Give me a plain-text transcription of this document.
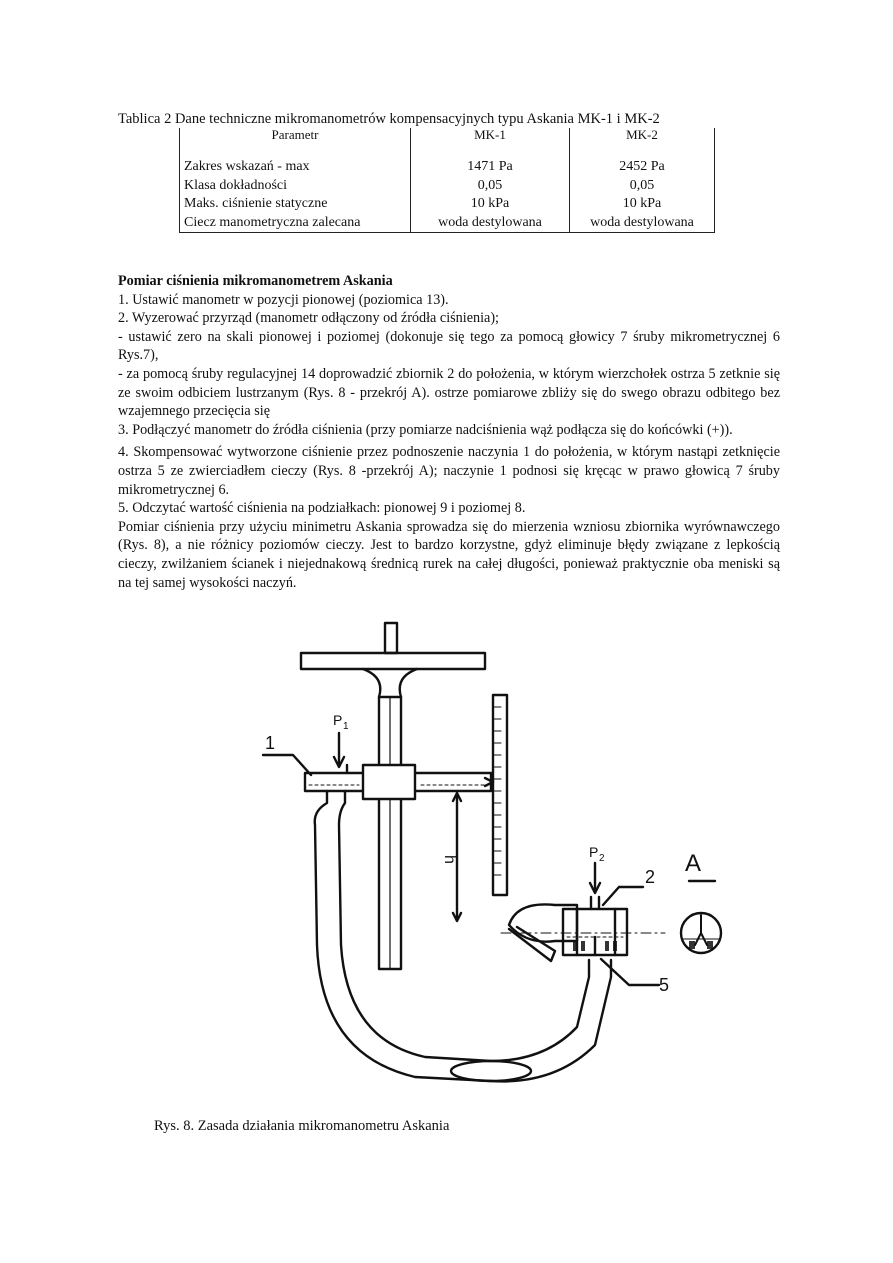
Tablica 2 Dane techniczne mikromanometrów kompensacyjnych typu Askania MK-1 i MK-2
Parametr	MK-1	MK-2

Zakres wskazań - max	1471 Pa	2452 Pa
Klasa dokładności	0,05	0,05
Maks. ciśnienie statyczne	10 kPa	10 kPa
Ciecz manometryczna zalecana	woda destylowana	woda destylowana

Pomiar ciśnienia mikromanometrem Askania

1. Ustawić manometr w pozycji pionowej (poziomica 13).

2. Wyzerować przyrząd (manometr odłączony od źródła ciśnienia);

- ustawić zero na skali pionowej i poziomej (dokonuje się tego za pomocą głowicy 7 śruby mikrometrycznej 6 Rys.7),

- za pomocą śruby regulacyjnej 14 doprowadzić zbiornik 2 do położenia, w którym wierzchołek ostrza 5 zetknie się ze swoim odbiciem lustrzanym (Rys. 8 - przekrój A). ostrze pomiarowe zbliży się do swego obrazu odbitego bez wzajemnego przecięcia się

3. Podłączyć manometr do źródła ciśnienia (przy pomiarze nadciśnienia wąż podłącza się do końcówki (+)).

4. Skompensować wytworzone ciśnienie przez podnoszenie naczynia 1 do położenia, w którym nastąpi zetknięcie ostrza 5 ze zwierciadłem cieczy (Rys. 8 -przekrój A); naczynie 1 podnosi się kręcąc w prawo głowicą 7 śruby mikrometrycznej 6.

5. Odczytać wartość ciśnienia na podziałkach: pionowej 9 i poziomej 8.

Pomiar ciśnienia przy użyciu minimetru Askania sprowadza się do mierzenia wzniosu zbiornika wyrównawczego (Rys. 8), a nie różnicy poziomów cieczy. Jest to bardzo korzystne, gdyż eliminuje błędy związane z lepkością cieczy, zwilżaniem ścianek i niejednakową średnicą rurek na całej długości, ponieważ praktycznie oba meniski są na tej samej wysokości naczyń.

1
2
5
A
P 1
P 2
h
Rys. 8. Zasada działania mikromanometru Askania
